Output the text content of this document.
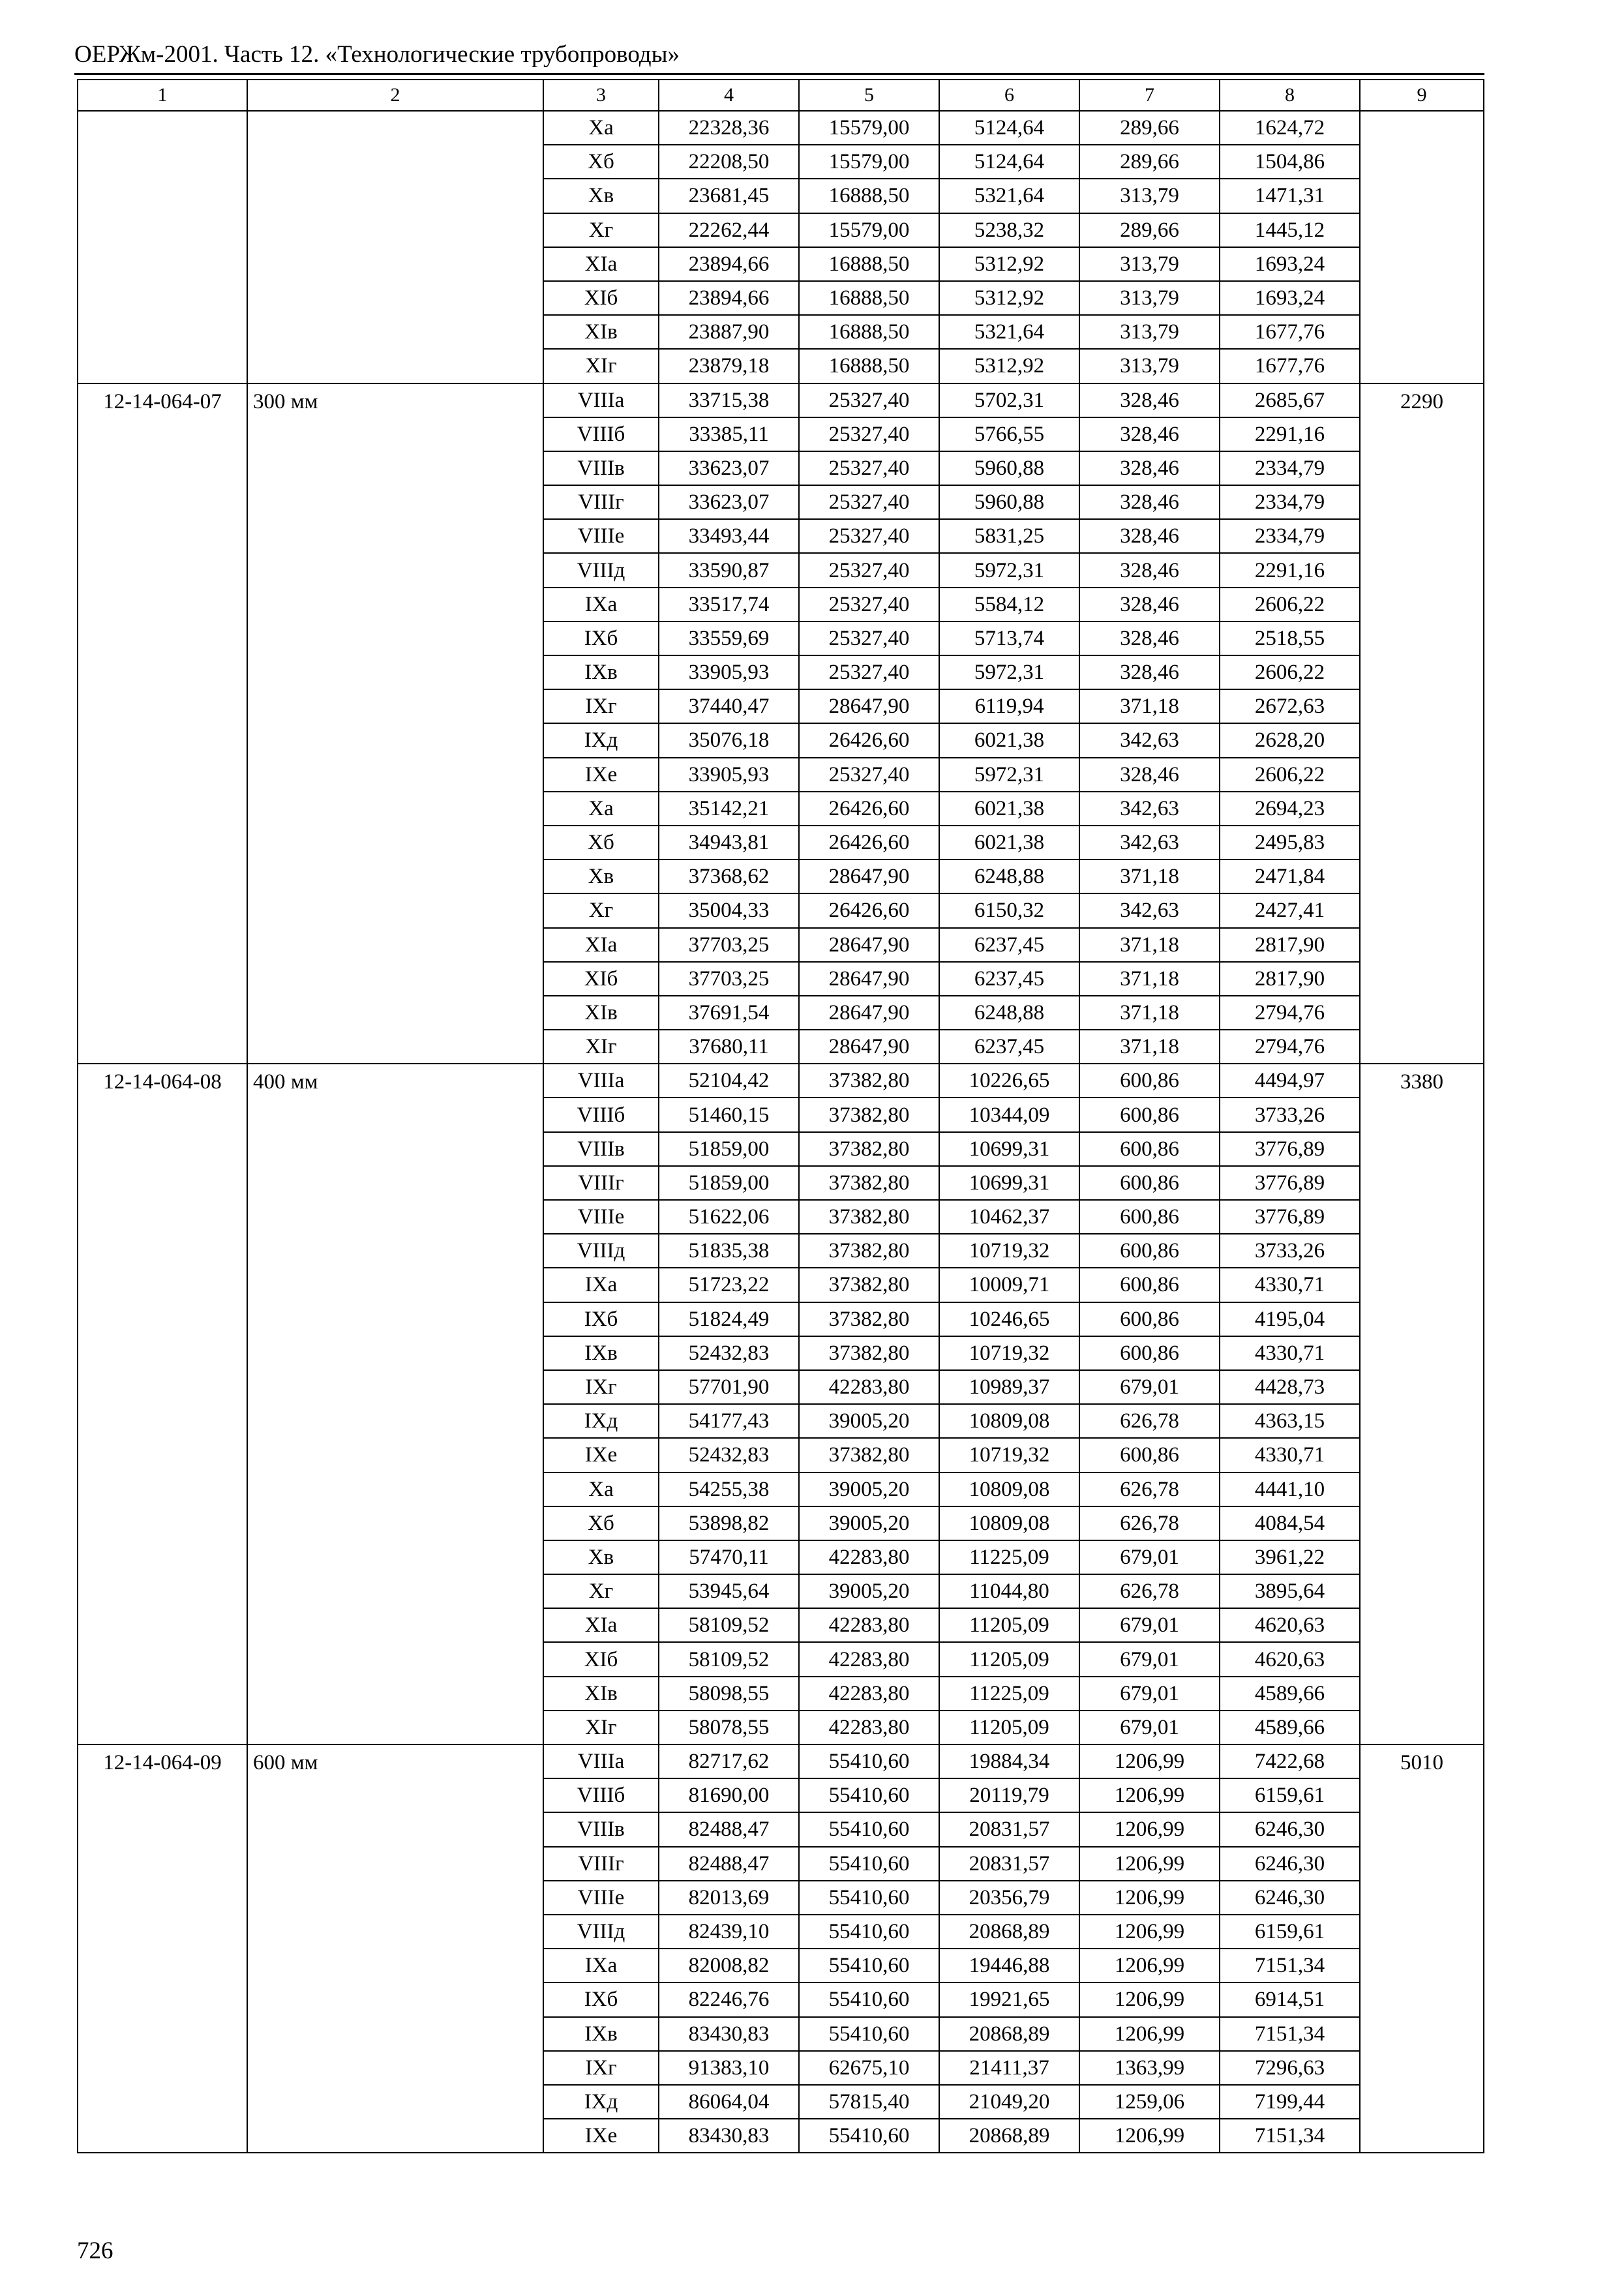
ОЕРЖм-2001. Часть 12. «Технологические трубопроводы»
1	2	3	4	5	6	7	8	9
		Xa	22328,36	15579,00	5124,64	289,66	1624,72	
		Xб	22208,50	15579,00	5124,64	289,66	1504,86	
		Xв	23681,45	16888,50	5321,64	313,79	1471,31	
		Xг	22262,44	15579,00	5238,32	289,66	1445,12	
		XIa	23894,66	16888,50	5312,92	313,79	1693,24	
		XIб	23894,66	16888,50	5312,92	313,79	1693,24	
		XIв	23887,90	16888,50	5321,64	313,79	1677,76	
		XIг	23879,18	16888,50	5312,92	313,79	1677,76	
12-14-064-07	300 мм	VIIIa	33715,38	25327,40	5702,31	328,46	2685,67	2290
		VIIIб	33385,11	25327,40	5766,55	328,46	2291,16	
		VIIIв	33623,07	25327,40	5960,88	328,46	2334,79	
		VIIIг	33623,07	25327,40	5960,88	328,46	2334,79	
		VIIIе	33493,44	25327,40	5831,25	328,46	2334,79	
		VIIIд	33590,87	25327,40	5972,31	328,46	2291,16	
		IXa	33517,74	25327,40	5584,12	328,46	2606,22	
		IXб	33559,69	25327,40	5713,74	328,46	2518,55	
		IXв	33905,93	25327,40	5972,31	328,46	2606,22	
		IXг	37440,47	28647,90	6119,94	371,18	2672,63	
		IXд	35076,18	26426,60	6021,38	342,63	2628,20	
		IXе	33905,93	25327,40	5972,31	328,46	2606,22	
		Xa	35142,21	26426,60	6021,38	342,63	2694,23	
		Xб	34943,81	26426,60	6021,38	342,63	2495,83	
		Xв	37368,62	28647,90	6248,88	371,18	2471,84	
		Xг	35004,33	26426,60	6150,32	342,63	2427,41	
		XIa	37703,25	28647,90	6237,45	371,18	2817,90	
		XIб	37703,25	28647,90	6237,45	371,18	2817,90	
		XIв	37691,54	28647,90	6248,88	371,18	2794,76	
		XIг	37680,11	28647,90	6237,45	371,18	2794,76	
12-14-064-08	400 мм	VIIIa	52104,42	37382,80	10226,65	600,86	4494,97	3380
		VIIIб	51460,15	37382,80	10344,09	600,86	3733,26	
		VIIIв	51859,00	37382,80	10699,31	600,86	3776,89	
		VIIIг	51859,00	37382,80	10699,31	600,86	3776,89	
		VIIIе	51622,06	37382,80	10462,37	600,86	3776,89	
		VIIIд	51835,38	37382,80	10719,32	600,86	3733,26	
		IXa	51723,22	37382,80	10009,71	600,86	4330,71	
		IXб	51824,49	37382,80	10246,65	600,86	4195,04	
		IXв	52432,83	37382,80	10719,32	600,86	4330,71	
		IXг	57701,90	42283,80	10989,37	679,01	4428,73	
		IXд	54177,43	39005,20	10809,08	626,78	4363,15	
		IXе	52432,83	37382,80	10719,32	600,86	4330,71	
		Xa	54255,38	39005,20	10809,08	626,78	4441,10	
		Xб	53898,82	39005,20	10809,08	626,78	4084,54	
		Xв	57470,11	42283,80	11225,09	679,01	3961,22	
		Xг	53945,64	39005,20	11044,80	626,78	3895,64	
		XIa	58109,52	42283,80	11205,09	679,01	4620,63	
		XIб	58109,52	42283,80	11205,09	679,01	4620,63	
		XIв	58098,55	42283,80	11225,09	679,01	4589,66	
		XIг	58078,55	42283,80	11205,09	679,01	4589,66	
12-14-064-09	600 мм	VIIIa	82717,62	55410,60	19884,34	1206,99	7422,68	5010
		VIIIб	81690,00	55410,60	20119,79	1206,99	6159,61	
		VIIIв	82488,47	55410,60	20831,57	1206,99	6246,30	
		VIIIг	82488,47	55410,60	20831,57	1206,99	6246,30	
		VIIIе	82013,69	55410,60	20356,79	1206,99	6246,30	
		VIIIд	82439,10	55410,60	20868,89	1206,99	6159,61	
		IXa	82008,82	55410,60	19446,88	1206,99	7151,34	
		IXб	82246,76	55410,60	19921,65	1206,99	6914,51	
		IXв	83430,83	55410,60	20868,89	1206,99	7151,34	
		IXг	91383,10	62675,10	21411,37	1363,99	7296,63	
		IXд	86064,04	57815,40	21049,20	1259,06	7199,44	
		IXе	83430,83	55410,60	20868,89	1206,99	7151,34	
726
